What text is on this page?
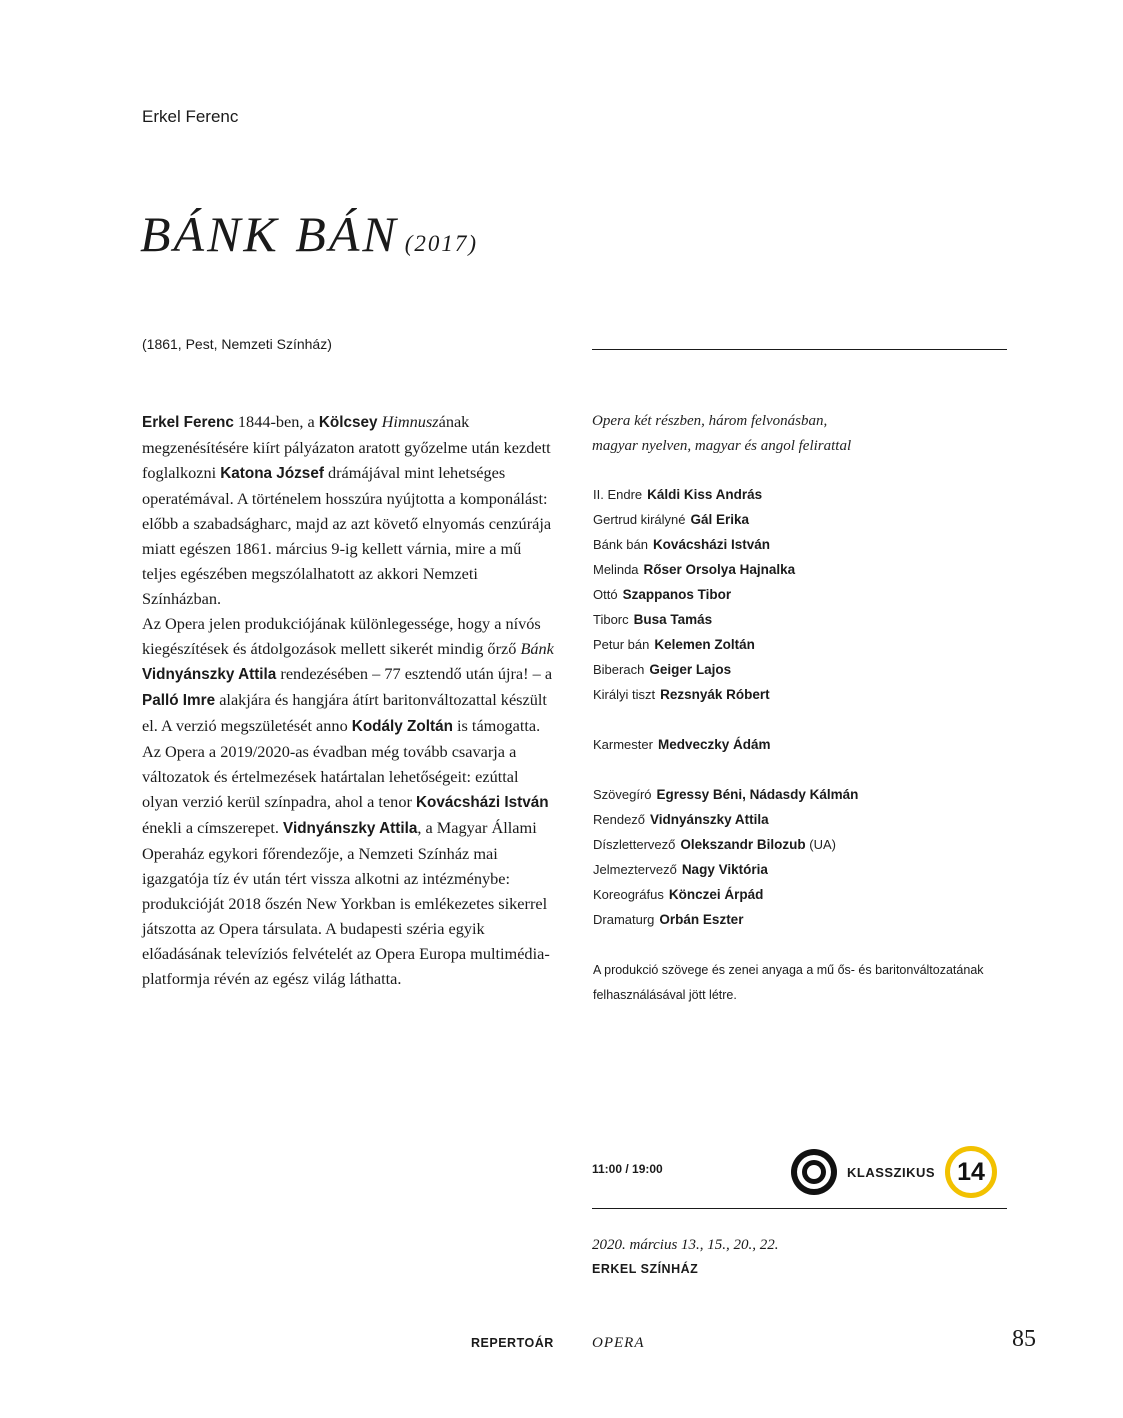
Erkel Ferenc
BÁNK BÁN (2017)
(1861, Pest, Nemzeti Színház)

Erkel Ferenc 1844-ben, a Kölcsey Himnuszának megzenésítésére kiírt pályázaton aratott győzelme után kezdett foglalkozni Katona József drámájával mint lehetséges operatémával. A történelem hosszúra nyújtotta a komponálást: előbb a szabadságharc, majd az azt követő elnyomás cenzúrája miatt egészen 1861. március 9-ig kellett várnia, mire a mű teljes egészében megszólalhatott az akkori Nemzeti Színházban.

Az Opera jelen produkciójának különlegessége, hogy a nívós kiegészítések és átdolgozások mellett sikerét mindig őrző Bánk Vidnyánszky Attila rendezésében – 77 esztendő után újra! – a Palló Imre alakjára és hangjára átírt baritonváltozattal készült el. A verzió megszületését anno Kodály Zoltán is támogatta.

Az Opera a 2019/2020-as évadban még tovább csavarja a változatok és értelmezések határtalan lehetőségeit: ezúttal olyan verzió kerül színpadra, ahol a tenor Kovácsházi István énekli a címszerepet. Vidnyánszky Attila, a Magyar Állami Operaház egykori főrendezője, a Nemzeti Színház mai igazgatója tíz év után tért vissza alkotni az intézménybe: produkcióját 2018 őszén New Yorkban is emlékezetes sikerrel játszotta az Opera társulata. A budapesti széria egyik előadásának televíziós felvételét az Opera Europa multimédia-platformja révén az egész világ láthatta.

Opera két részben, három felvonásban,
magyar nyelven, magyar és angol felirattal
II. Endre Káldi Kiss András
Gertrud királyné Gál Erika
Bánk bán Kovácsházi István
Melinda Rőser Orsolya Hajnalka
Ottó Szappanos Tibor
Tiborc Busa Tamás
Petur bán Kelemen Zoltán
Biberach Geiger Lajos
Királyi tiszt Rezsnyák Róbert
Karmester Medveczky Ádám
Szövegíró Egressy Béni, Nádasdy Kálmán
Rendező Vidnyánszky Attila
Díszlettervező Olekszandr Bilozub (UA)
Jelmeztervező Nagy Viktória
Koreográfus Könczei Árpád
Dramaturg Orbán Eszter
A produkció szövege és zenei anyaga a mű ős- és baritonváltozatának
felhasználásával jött létre.
11:00 / 19:00	KLASSZIKUS 14
2020. március 13., 15., 20., 22.
ERKEL SZÍNHÁZ
REPERTOÁR	OPERA	85
